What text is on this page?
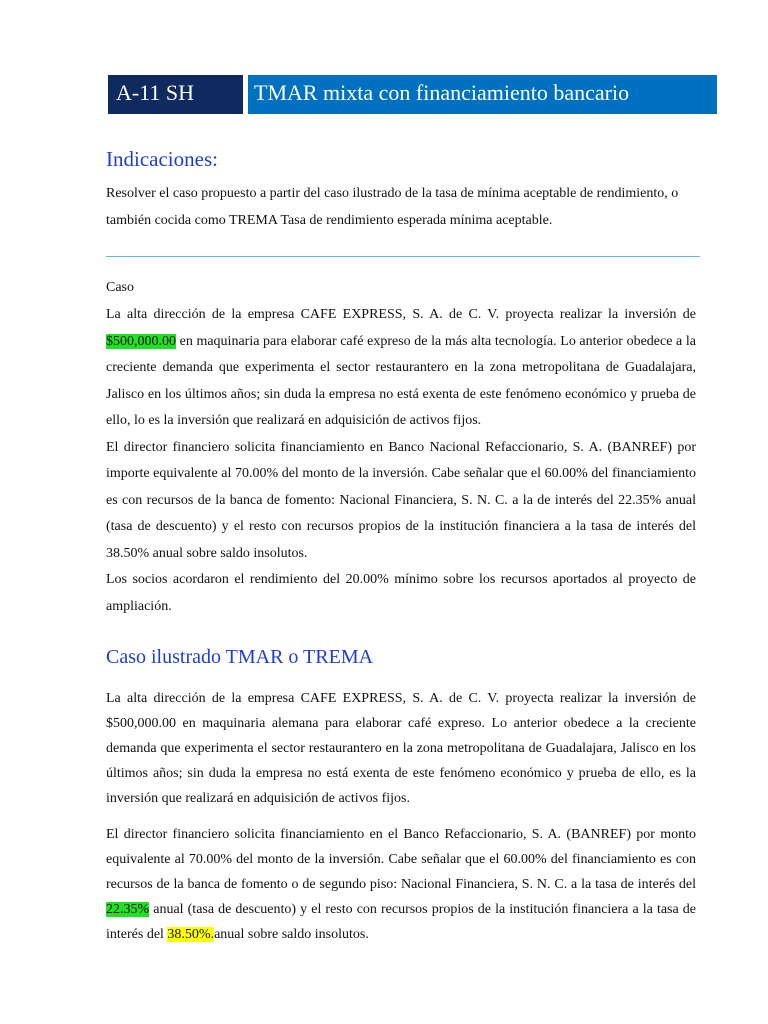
A-11 SH	TMAR mixta con financiamiento bancario
Indicaciones:
Resolver el caso propuesto a partir del caso ilustrado de la tasa de mínima aceptable de rendimiento, o también cocida como TREMA Tasa de rendimiento esperada mínima aceptable.
Caso
La alta dirección de la empresa CAFE EXPRESS, S. A. de C. V. proyecta realizar la inversión de $500,000.00 en maquinaria para elaborar café expreso de la más alta tecnología. Lo anterior obedece a la creciente demanda que experimenta el sector restaurantero en la zona metropolitana de Guadalajara, Jalisco en los últimos años; sin duda la empresa no está exenta de este fenómeno económico y prueba de ello, lo es la inversión que realizará en adquisición de activos fijos.
El director financiero solicita financiamiento en Banco Nacional Refaccionario, S. A. (BANREF) por importe equivalente al 70.00% del monto de la inversión. Cabe señalar que el 60.00% del financiamiento es con recursos de la banca de fomento: Nacional Financiera, S. N. C. a la de interés del 22.35% anual (tasa de descuento) y el resto con recursos propios de la institución financiera a la tasa de interés del 38.50% anual sobre saldo insolutos.
Los socios acordaron el rendimiento del 20.00% mínimo sobre los recursos aportados al proyecto de ampliación.
Caso ilustrado TMAR o TREMA
La alta dirección de la empresa CAFE EXPRESS, S. A. de C. V. proyecta realizar la inversión de $500,000.00 en maquinaria alemana para elaborar café expreso. Lo anterior obedece a la creciente demanda que experimenta el sector restaurantero en la zona metropolitana de Guadalajara, Jalisco en los últimos años; sin duda la empresa no está exenta de este fenómeno económico y prueba de ello, es la inversión que realizará en adquisición de activos fijos.
El director financiero solicita financiamiento en el Banco Refaccionario, S. A. (BANREF) por monto equivalente al 70.00% del monto de la inversión. Cabe señalar que el 60.00% del financiamiento es con recursos de la banca de fomento o de segundo piso: Nacional Financiera, S. N. C. a la tasa de interés del 22.35% anual (tasa de descuento) y el resto con recursos propios de la institución financiera a la tasa de interés del 38.50%.anual sobre saldo insolutos.
